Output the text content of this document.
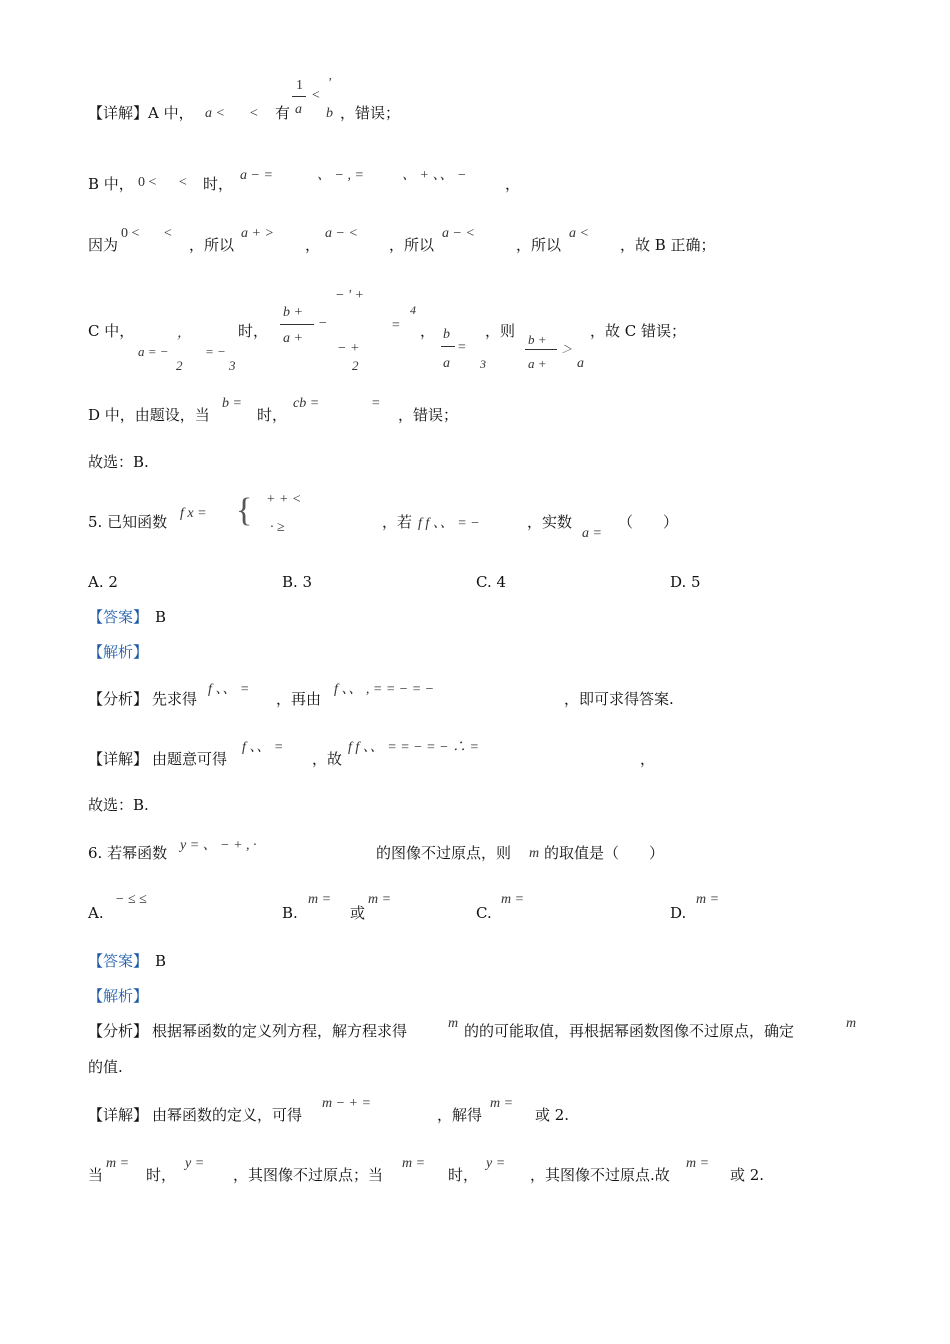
【详解】A 中， a < < 有
1
a
<
'
b ，错误；
B 中， 0 < < 时， a − =	、 − , =	、 + 、、 −	，
因为
0 < <
，所以
a + >
，
a − <
，所以
a − <
，所以
a <
，故 B 正确；
C 中，
a = −
2
= −
3
，	时，
b +
a +
−
− ' +
− +
2
=
4
， b
a
=
3
，则 b +
a +
＞
a
，故 C 错误；
D 中，由题设，当
b =
时，
cb =	=
，错误；
故选：B.
5. 已知函数 f x = { + + <
· ≥	，若 f f 、、 = −	，实数
a =
（　　）
A. 2	B. 3	C. 4	D. 5
【答案】 B
【解析】
【分析】 先求得
f 、、 =
，再由
f 、、 , = = − = −
，即可求得答案.
【详解】 由题意可得
f 、、 =
，故
f f 、、 = = − = − ∴ =
，
故选：B.
6. 若幂函数 y = 、 − + , ·	的图像不过原点，则 m 的取值是（　　）
A.
− ≤ ≤
B.
m =
或
m =
C.
m =
D.
m =
【答案】 B
【解析】
【分析】 根据幂函数的定义列方程，解方程求得	m 的的可能取值，再根据幂函数图像不过原点，确定	m
的值.
【详解】 由幂函数的定义，可得
m − + =
，解得
m =
或 2.
当
m =
时，
y =
，其图像不过原点；当
m =
时，
y =
，其图像不过原点.故
m =
或 2.
